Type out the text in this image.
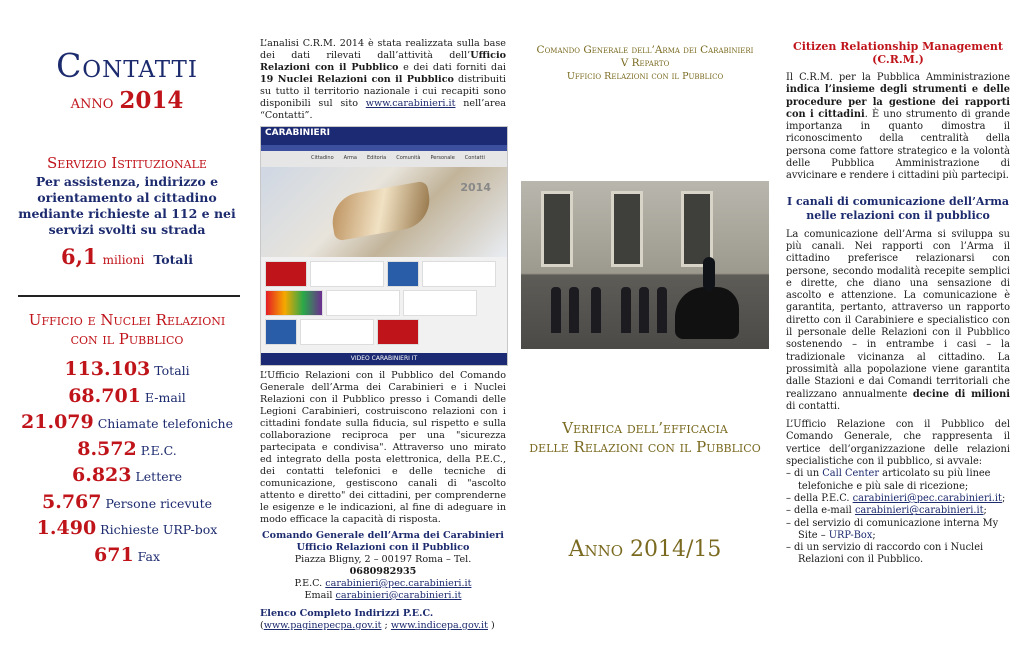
Contatti
anno 2014
Servizio Istituzionale
Per assistenza, indirizzo e orientamento al cittadino mediante richieste al 112 e nei servizi svolti su strada
6,1 milioni Totali
Ufficio e Nuclei Relazioni con il Pubblico
113.103 Totali
68.701 E-mail
21.079 Chiamate telefoniche
8.572 P.E.C.
6.823 Lettere
5.767 Persone ricevute
1.490 Richieste URP-box
671 Fax
L’analisi C.R.M. 2014 è stata realizzata sulla base dei dati rilevati dall’attività dell’Ufficio Relazioni con il Pubblico e dei dati forniti dai 19 Nuclei Relazioni con il Pubblico distribuiti su tutto il territorio nazionale i cui recapiti sono disponibili sul sito www.carabinieri.it nell’area “Contatti”.
CARABINIERI
Cittadino Arma Editoria Comunità Personale Contatti
2014
VIDEO CARABINIERI IT
L’Ufficio Relazioni con il Pubblico del Comando Generale dell’Arma dei Carabinieri e i Nuclei Relazioni con il Pubblico presso i Comandi delle Legioni Carabinieri, costruiscono relazioni con i cittadini fondate sulla fiducia, sul rispetto e sulla collaborazione reciproca per una "sicurezza partecipata e condivisa". Attraverso uno mirato ed integrato della posta elettronica, della P.E.C., dei contatti telefonici e delle tecniche di comunicazione, gestiscono canali di "ascolto attento e diretto" dei cittadini, per comprenderne le esigenze e le indicazioni, al fine di adeguare in modo efficace la capacità di risposta.
Comando Generale dell’Arma dei Carabinieri
Ufficio Relazioni con il Pubblico
Piazza Bligny, 2 – 00197 Roma – Tel. 0680982935
P.E.C. carabinieri@pec.carabinieri.it
Email carabinieri@carabinieri.it
Elenco Completo Indirizzi P.E.C.
(www.paginepecpa.gov.it ; www.indicepa.gov.it )
Comando Generale dell’Arma dei Carabinieri
V Reparto
Ufficio Relazioni con il Pubblico
Verifica dell’efficacia
delle Relazioni con il Pubblico
Anno 2014/15
Citizen Relationship Management (C.R.M.)
Il C.R.M. per la Pubblica Amministrazione indica l’insieme degli strumenti e delle procedure per la gestione dei rapporti con i cittadini. È uno strumento di grande importanza in quanto dimostra il riconoscimento della centralità della persona come fattore strategico e la volontà delle Pubblica Amministrazione di avvicinare e rendere i cittadini più partecipi.
I canali di comunicazione dell’Arma
nelle relazioni con il pubblico
La comunicazione dell’Arma si sviluppa su più canali. Nei rapporti con l’Arma il cittadino preferisce relazionarsi con persone, secondo modalità recepite semplici e dirette, che diano una sensazione di ascolto e attenzione. La comunicazione è garantita, pertanto, attraverso un rapporto diretto con il Carabiniere e specialistico con il personale delle Relazioni con il Pubblico sostenendo – in entrambe i casi – la tradizionale vicinanza al cittadino. La prossimità alla popolazione viene garantita dalle Stazioni e dai Comandi territoriali che realizzano annualmente decine di milioni di contatti.
L’Ufficio Relazione con il Pubblico del Comando Generale, che rappresenta il vertice dell’organizzazione delle relazioni specialistiche con il pubblico, si avvale:
– di un Call Center articolato su più linee telefoniche e più sale di ricezione;
– della P.E.C. carabinieri@pec.carabinieri.it;
– della e-mail carabinieri@carabinieri.it;
– del servizio di comunicazione interna My Site – URP-Box;
– di un servizio di raccordo con i Nuclei Relazioni con il Pubblico.
